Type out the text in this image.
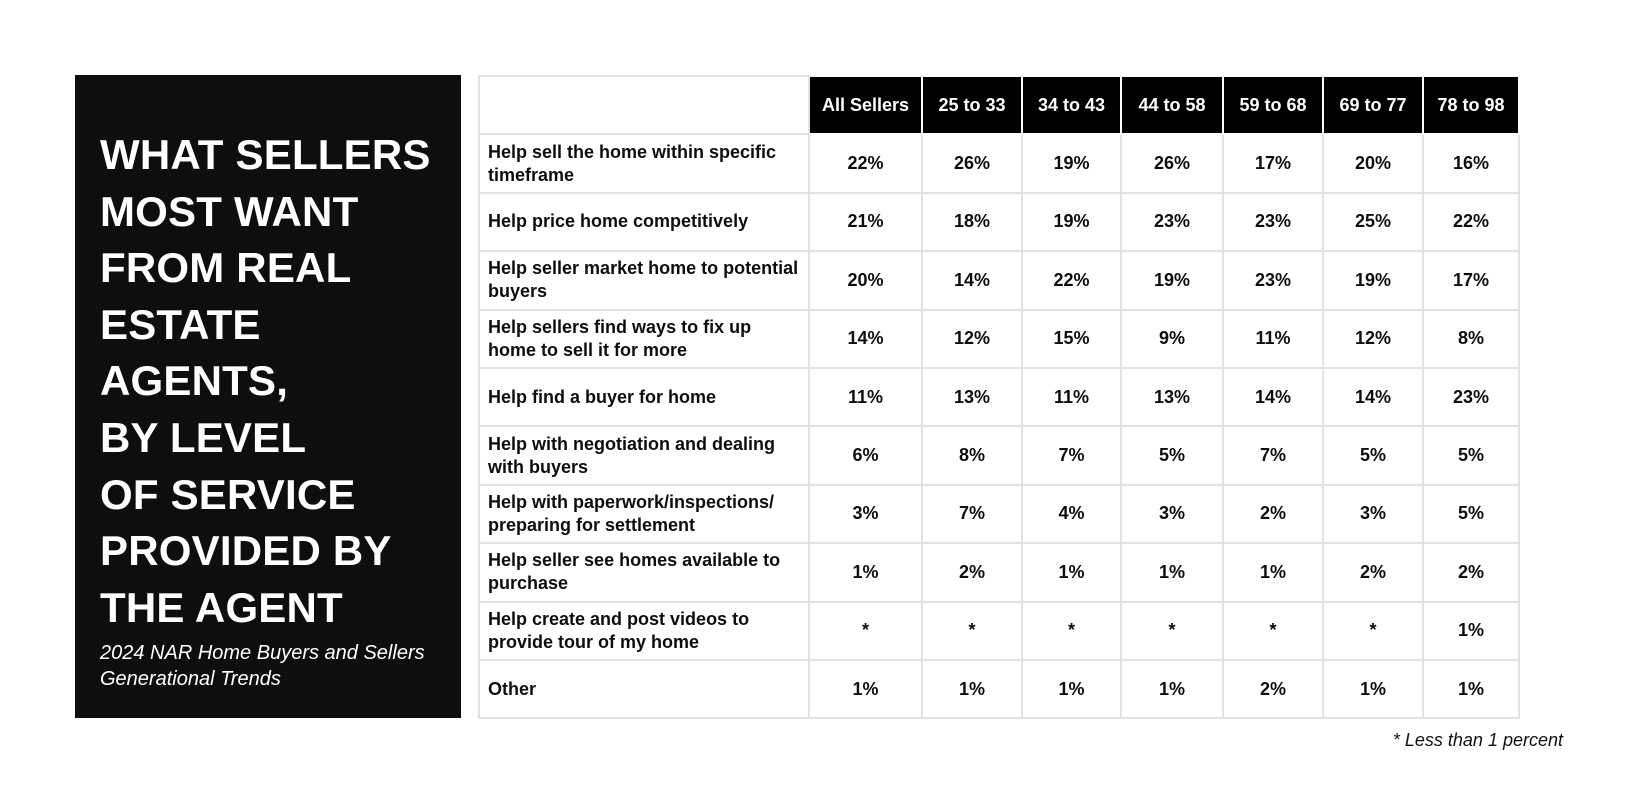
WHAT SELLERS
MOST WANT
FROM REAL
ESTATE AGENTS,
BY LEVEL
OF SERVICE
PROVIDED BY
THE AGENT
2024 NAR Home Buyers and Sellers
Generational Trends
	All Sellers	25 to 33	34 to 43	44 to 58	59 to 68	69 to 77	78 to 98
Help sell the home within specific timeframe	22%	26%	19%	26%	17%	20%	16%
Help price home competitively	21%	18%	19%	23%	23%	25%	22%
Help seller market home to potential buyers	20%	14%	22%	19%	23%	19%	17%
Help sellers find ways to fix up home to sell it for more	14%	12%	15%	9%	11%	12%	8%
Help find a buyer for home	11%	13%	11%	13%	14%	14%	23%
Help with negotiation and dealing with buyers	6%	8%	7%	5%	7%	5%	5%
Help with paperwork/inspections/ preparing for settlement	3%	7%	4%	3%	2%	3%	5%
Help seller see homes available to purchase	1%	2%	1%	1%	1%	2%	2%
Help create and post videos to provide tour of my home	*	*	*	*	*	*	1%
Other	1%	1%	1%	1%	2%	1%	1%
* Less than 1 percent
